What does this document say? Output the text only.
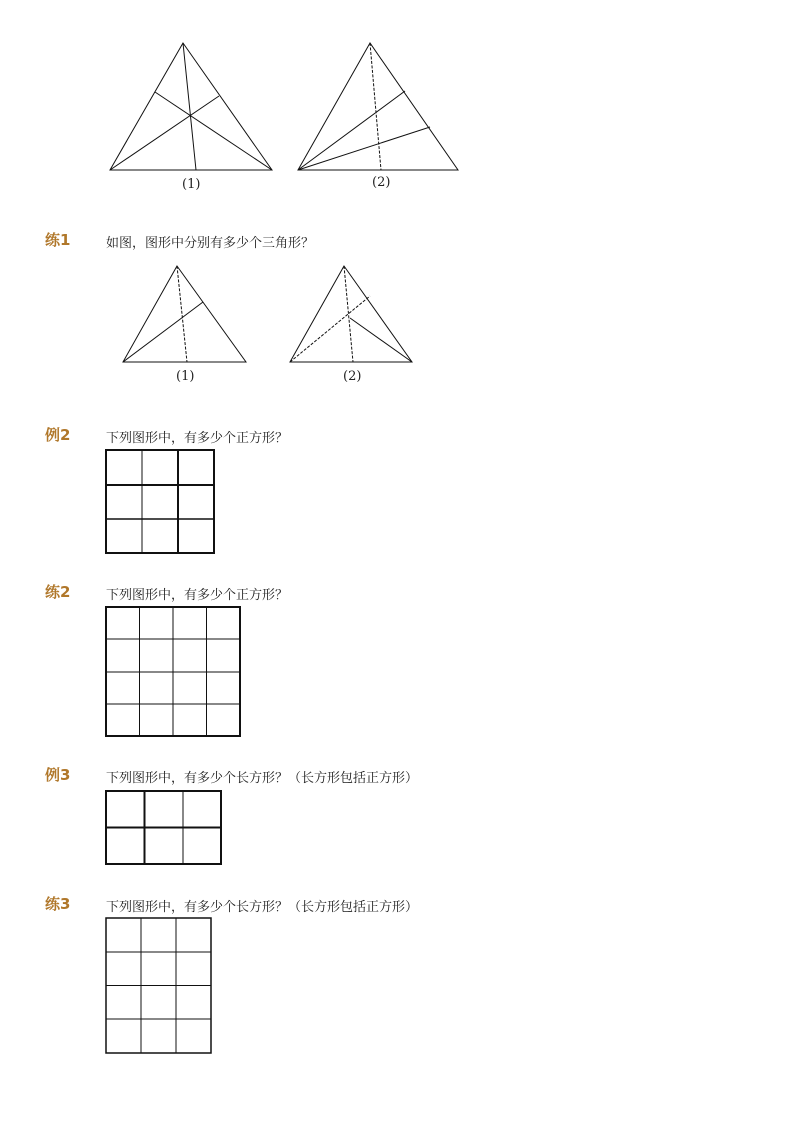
(1)	(2)
(1)	(2)
练1	如图，图形中分别有多少个三角形？
例2	下列图形中，有多少个正方形？
练2	下列图形中，有多少个正方形？
例3	下列图形中，有多少个长方形？（长方形包括正方形）
练3	下列图形中，有多少个长方形？（长方形包括正方形）
